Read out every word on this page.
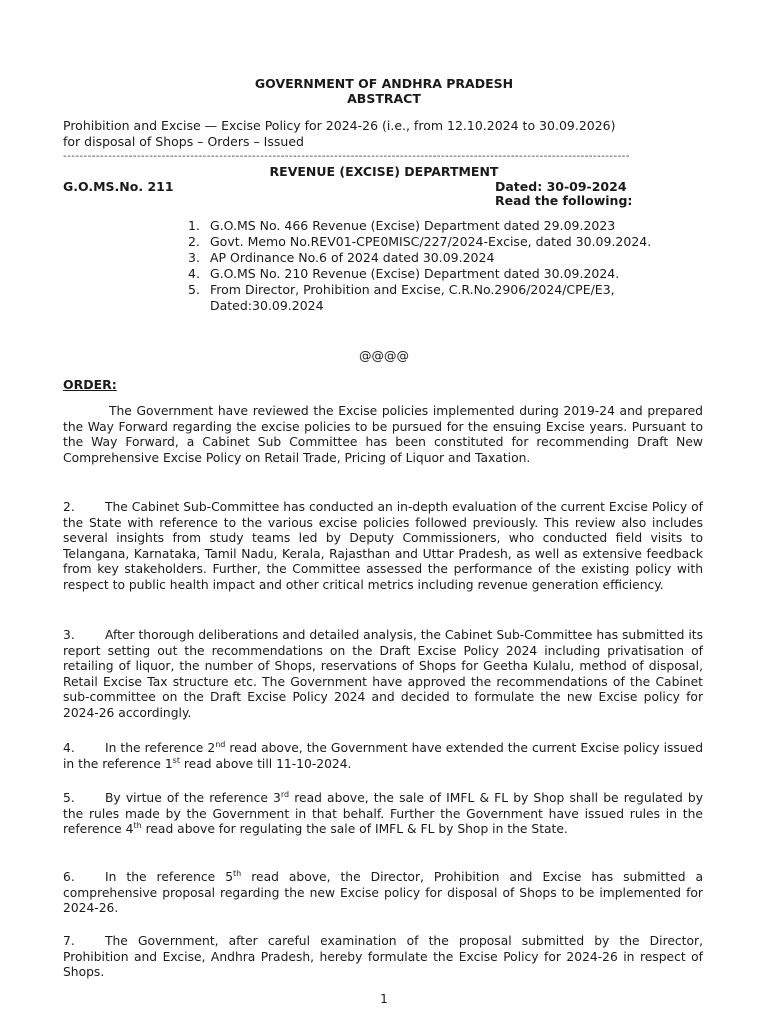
GOVERNMENT OF ANDHRA PRADESH
ABSTRACT
Prohibition and Excise — Excise Policy for 2024-26 (i.e., from 12.10.2024 to 30.09.2026)
for disposal of Shops – Orders – Issued
------------------------------------------------------------------------------------------------------------------------------------------
REVENUE (EXCISE) DEPARTMENT
G.O.MS.No. 211	Dated: 30-09-2024
Read the following:
1. G.O.MS No. 466 Revenue (Excise) Department dated 29.09.2023
2. Govt. Memo No.REV01-CPE0MISC/227/2024-Excise, dated 30.09.2024.
3. AP Ordinance No.6 of 2024 dated 30.09.2024
4. G.O.MS No. 210 Revenue (Excise) Department dated 30.09.2024.
5. From Director, Prohibition and Excise, C.R.No.2906/2024/CPE/E3, Dated:30.09.2024
@@@@
ORDER:

The Government have reviewed the Excise policies implemented during 2019-24 and prepared the Way Forward regarding the excise policies to be pursued for the ensuing Excise years. Pursuant to the Way Forward, a Cabinet Sub Committee has been constituted for recommending Draft New Comprehensive Excise Policy on Retail Trade, Pricing of Liquor and Taxation.

2. The Cabinet Sub-Committee has conducted an in-depth evaluation of the current Excise Policy of the State with reference to the various excise policies followed previously. This review also includes several insights from study teams led by Deputy Commissioners, who conducted field visits to Telangana, Karnataka, Tamil Nadu, Kerala, Rajasthan and Uttar Pradesh, as well as extensive feedback from key stakeholders. Further, the Committee assessed the performance of the existing policy with respect to public health impact and other critical metrics including revenue generation efficiency.

3. After thorough deliberations and detailed analysis, the Cabinet Sub-Committee has submitted its report setting out the recommendations on the Draft Excise Policy 2024 including privatisation of retailing of liquor, the number of Shops, reservations of Shops for Geetha Kulalu, method of disposal, Retail Excise Tax structure etc. The Government have approved the recommendations of the Cabinet sub-committee on the Draft Excise Policy 2024 and decided to formulate the new Excise policy for 2024-26 accordingly.

4. In the reference 2nd read above, the Government have extended the current Excise policy issued in the reference 1st read above till 11-10-2024.

5. By virtue of the reference 3rd read above, the sale of IMFL & FL by Shop shall be regulated by the rules made by the Government in that behalf. Further the Government have issued rules in the reference 4th read above for regulating the sale of IMFL & FL by Shop in the State.

6. In the reference 5th read above, the Director, Prohibition and Excise has submitted a comprehensive proposal regarding the new Excise policy for disposal of Shops to be implemented for 2024-26.

7. The Government, after careful examination of the proposal submitted by the Director, Prohibition and Excise, Andhra Pradesh, hereby formulate the Excise Policy for 2024-26 in respect of Shops.

1
